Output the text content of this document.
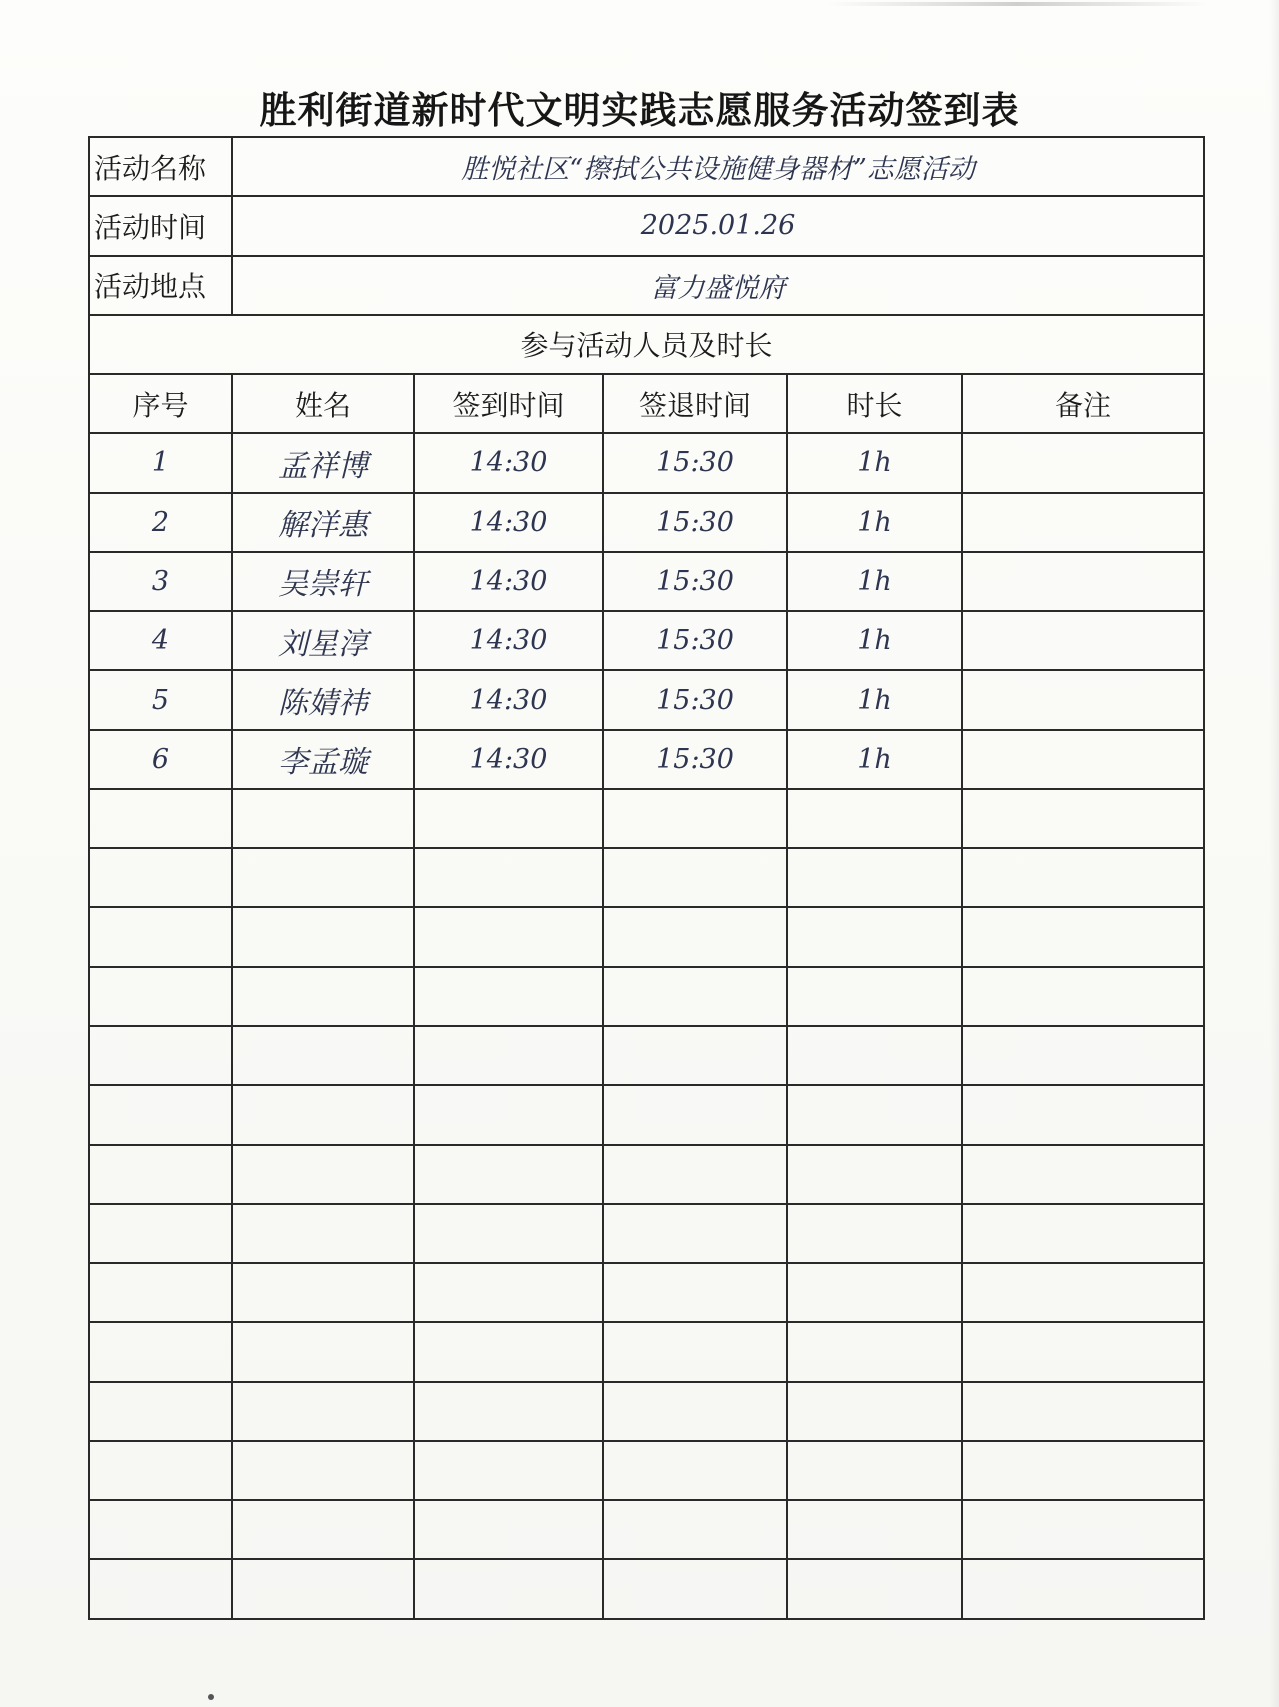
胜利街道新时代文明实践志愿服务活动签到表
活动名称	胜悦社区“擦拭公共设施健身器材”志愿活动				
活动时间	2025.01.26				
活动地点	富力盛悦府				
参与活动人员及时长					
序号	姓名	签到时间	签退时间	时长	备注
1	孟祥博	14:30	15:30	1h	
2	解洋惠	14:30	15:30	1h	
3	吴崇轩	14:30	15:30	1h	
4	刘星淳	14:30	15:30	1h	
5	陈婧祎	14:30	15:30	1h	
6	李孟璇	14:30	15:30	1h	
